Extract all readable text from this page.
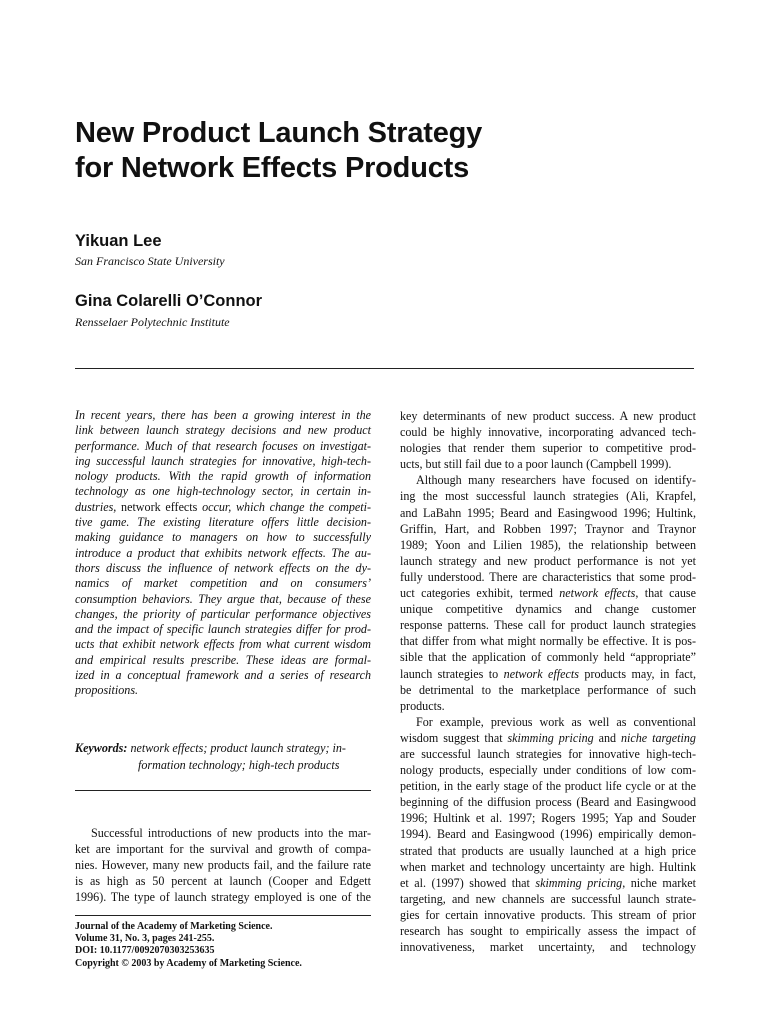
New Product Launch Strategy
for Network Effects Products
Yikuan Lee
San Francisco State University
Gina Colarelli O’Connor
Rensselaer Polytechnic Institute
In recent years, there has been a growing interest in the
link between launch strategy decisions and new product
performance. Much of that research focuses on investigat-
ing successful launch strategies for innovative, high-tech-
nology products. With the rapid growth of information
technology as one high-technology sector, in certain in-
dustries, network effects occur, which change the competi-
tive game. The existing literature offers little decision-
making guidance to managers on how to successfully
introduce a product that exhibits network effects. The au-
thors discuss the influence of network effects on the dy-
namics of market competition and on consumers’
consumption behaviors. They argue that, because of these
changes, the priority of particular performance objectives
and the impact of specific launch strategies differ for prod-
ucts that exhibit network effects from what current wisdom
and empirical results prescribe. These ideas are formal-
ized in a conceptual framework and a series of research
propositions.
Keywords: network effects; product launch strategy; in-
formation technology; high-tech products
Successful introductions of new products into the mar-
ket are important for the survival and growth of compa-
nies. However, many new products fail, and the failure rate
is as high as 50 percent at launch (Cooper and Edgett
1996). The type of launch strategy employed is one of the
Journal of the Academy of Marketing Science.
Volume 31, No. 3, pages 241-255.
DOI: 10.1177/0092070303253635
Copyright © 2003 by Academy of Marketing Science.
key determinants of new product success. A new product
could be highly innovative, incorporating advanced tech-
nologies that render them superior to competitive prod-
ucts, but still fail due to a poor launch (Campbell 1999).
Although many researchers have focused on identify-
ing the most successful launch strategies (Ali, Krapfel,
and LaBahn 1995; Beard and Easingwood 1996; Hultink,
Griffin, Hart, and Robben 1997; Traynor and Traynor
1989; Yoon and Lilien 1985), the relationship between
launch strategy and new product performance is not yet
fully understood. There are characteristics that some prod-
uct categories exhibit, termed network effects, that cause
unique competitive dynamics and change customer
response patterns. These call for product launch strategies
that differ from what might normally be effective. It is pos-
sible that the application of commonly held “appropriate”
launch strategies to network effects products may, in fact,
be detrimental to the marketplace performance of such
products.
For example, previous work as well as conventional
wisdom suggest that skimming pricing and niche targeting
are successful launch strategies for innovative high-tech-
nology products, especially under conditions of low com-
petition, in the early stage of the product life cycle or at the
beginning of the diffusion process (Beard and Easingwood
1996; Hultink et al. 1997; Rogers 1995; Yap and Souder
1994). Beard and Easingwood (1996) empirically demon-
strated that products are usually launched at a high price
when market and technology uncertainty are high. Hultink
et al. (1997) showed that skimming pricing, niche market
targeting, and new channels are successful launch strate-
gies for certain innovative products. This stream of prior
research has sought to empirically assess the impact of
innovativeness, market uncertainty, and technology
